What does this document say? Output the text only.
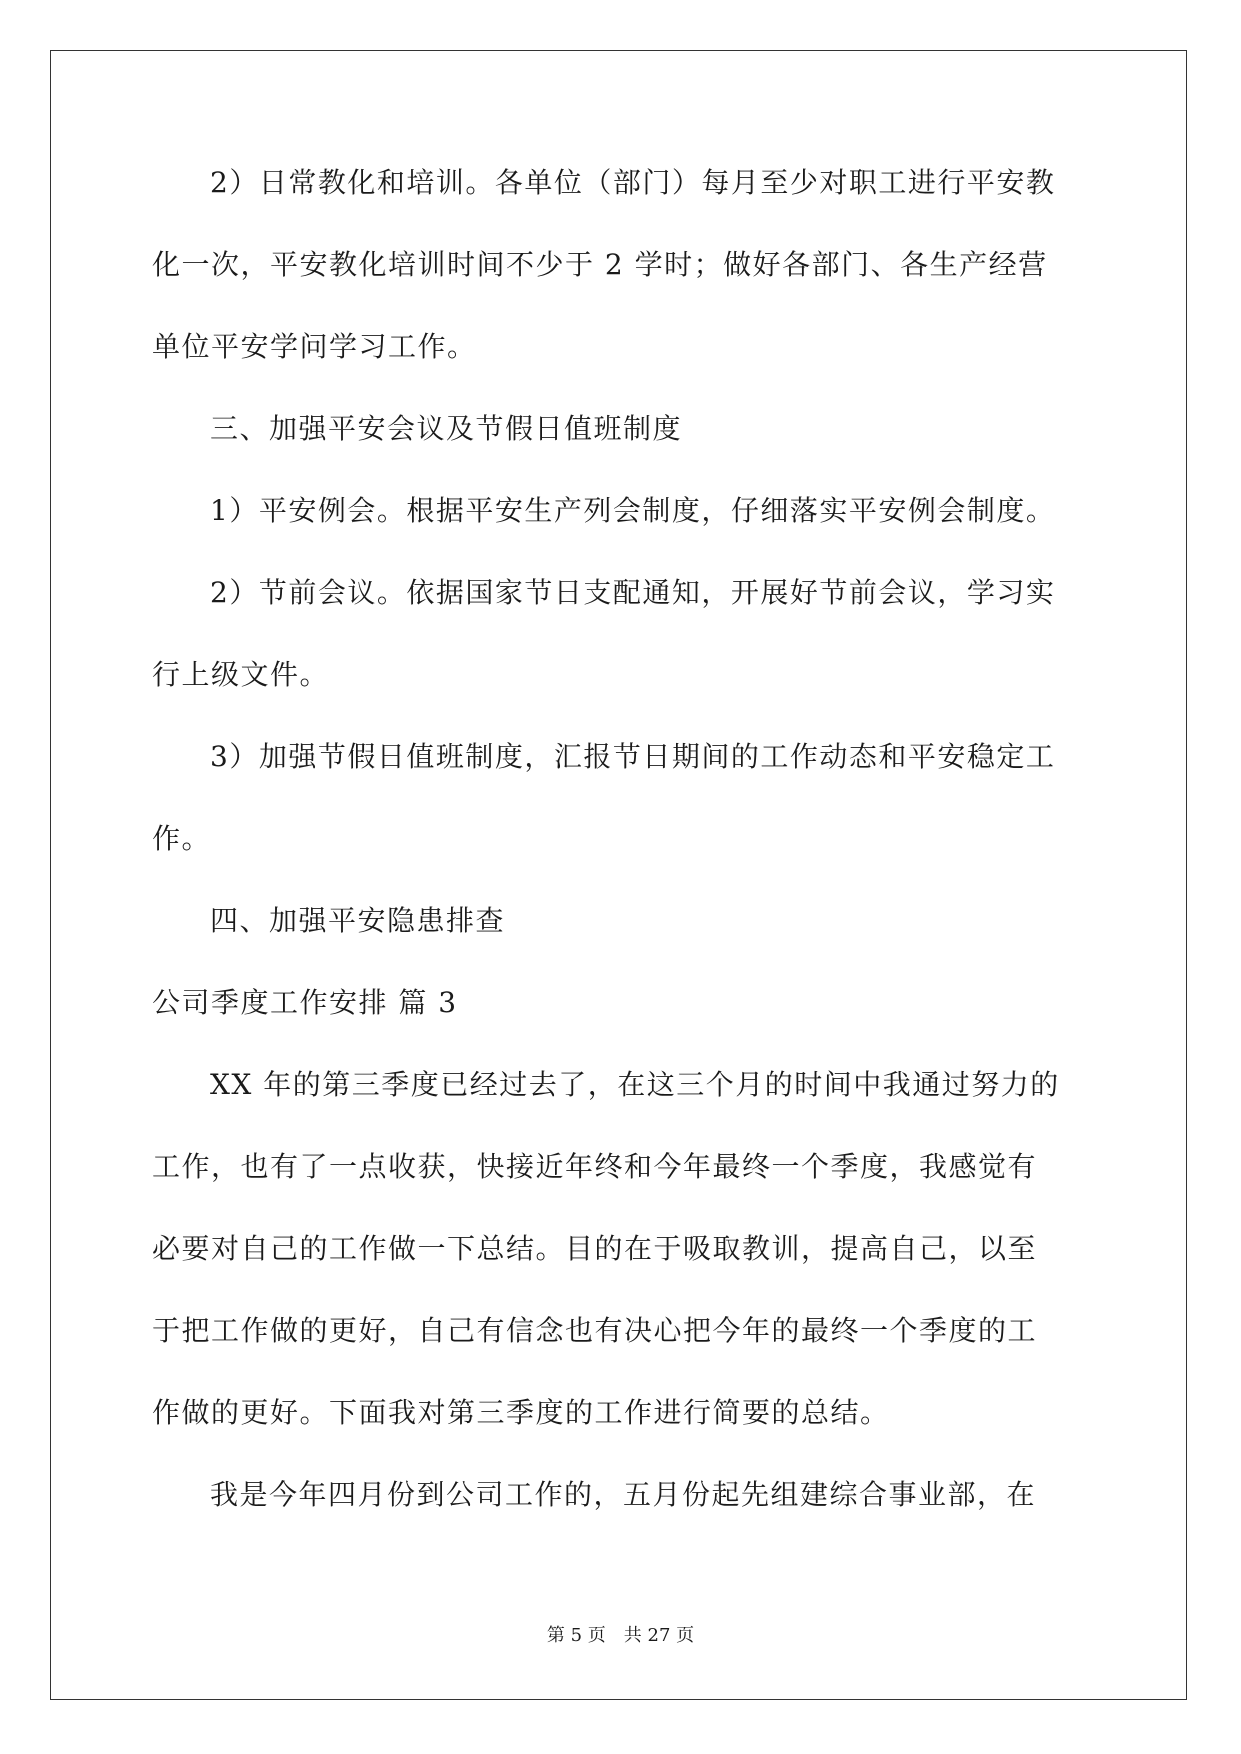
2）日常教化和培训。各单位（部门）每月至少对职工进行平安教
化一次，平安教化培训时间不少于 2 学时；做好各部门、各生产经营
单位平安学问学习工作。
三、加强平安会议及节假日值班制度
1）平安例会。根据平安生产列会制度，仔细落实平安例会制度。
2）节前会议。依据国家节日支配通知，开展好节前会议，学习实
行上级文件。
3）加强节假日值班制度，汇报节日期间的工作动态和平安稳定工
作。
四、加强平安隐患排查
公司季度工作安排 篇 3
XX 年的第三季度已经过去了，在这三个月的时间中我通过努力的
工作，也有了一点收获，快接近年终和今年最终一个季度，我感觉有
必要对自己的工作做一下总结。目的在于吸取教训，提高自己，以至
于把工作做的更好，自己有信念也有决心把今年的最终一个季度的工
作做的更好。下面我对第三季度的工作进行简要的总结。
我是今年四月份到公司工作的，五月份起先组建综合事业部，在
第 5 页 共 27 页
